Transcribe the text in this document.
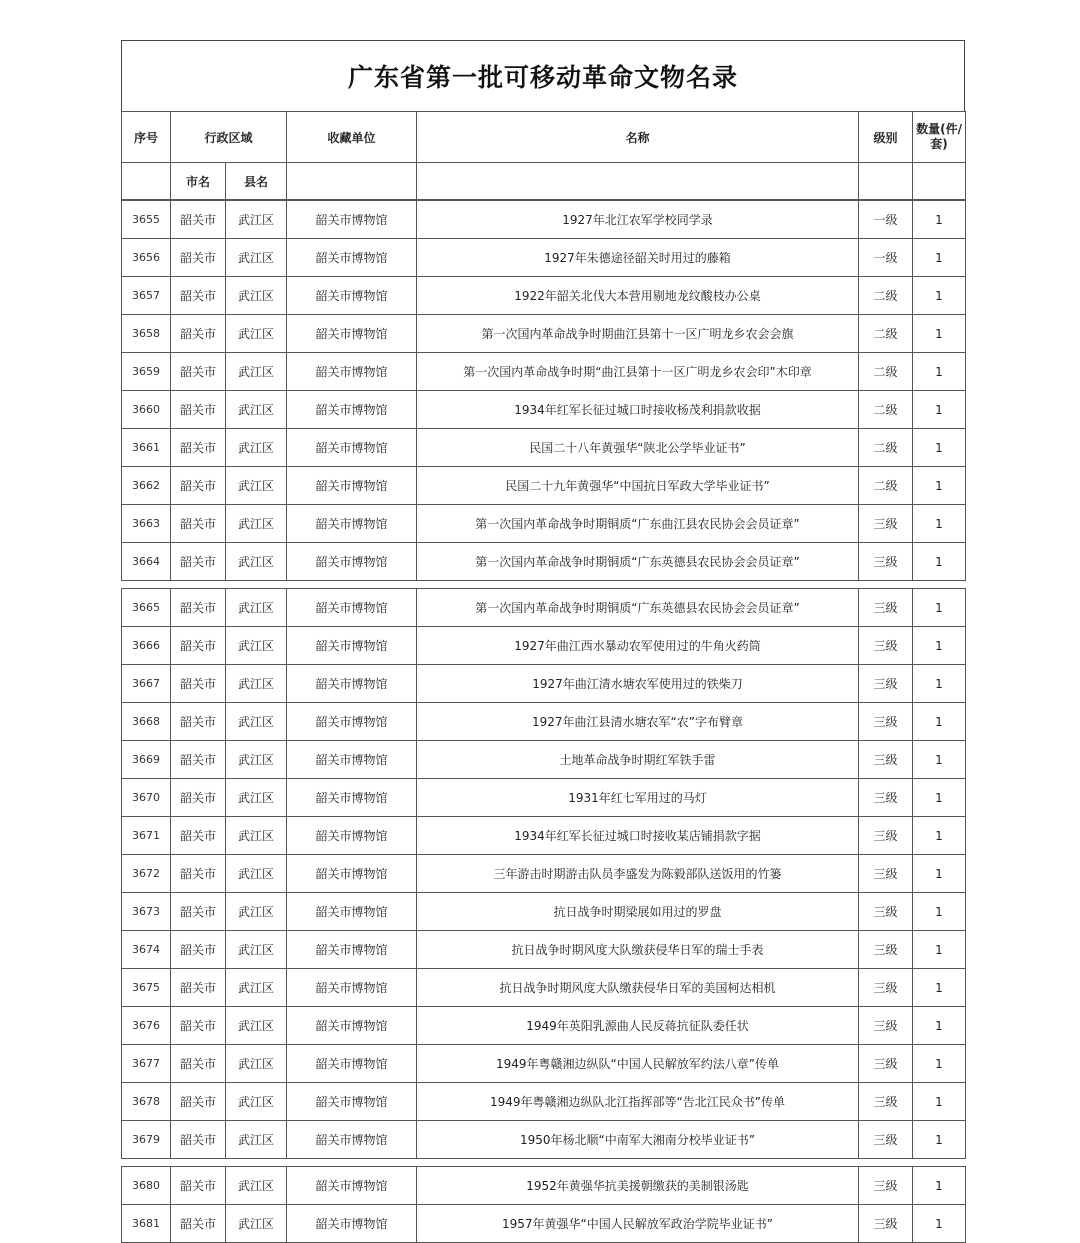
广东省第一批可移动革命文物名录
序号	行政区域		收藏单位	名称	级别	数量(件/套)
	市名	县名				
3655	韶关市	武江区	韶关市博物馆	1927年北江农军学校同学录	一级	1
3656	韶关市	武江区	韶关市博物馆	1927年朱德途径韶关时用过的藤箱	一级	1
3657	韶关市	武江区	韶关市博物馆	1922年韶关北伐大本营用剔地龙纹酸枝办公桌	二级	1
3658	韶关市	武江区	韶关市博物馆	第一次国内革命战争时期曲江县第十一区广明龙乡农会会旗	二级	1
3659	韶关市	武江区	韶关市博物馆	第一次国内革命战争时期“曲江县第十一区广明龙乡农会印”木印章	二级	1
3660	韶关市	武江区	韶关市博物馆	1934年红军长征过城口时接收杨茂利捐款收据	二级	1
3661	韶关市	武江区	韶关市博物馆	民国二十八年黄强华“陕北公学毕业证书”	二级	1
3662	韶关市	武江区	韶关市博物馆	民国二十九年黄强华“中国抗日军政大学毕业证书”	二级	1
3663	韶关市	武江区	韶关市博物馆	第一次国内革命战争时期铜质“广东曲江县农民协会会员证章”	三级	1
3664	韶关市	武江区	韶关市博物馆	第一次国内革命战争时期铜质“广东英德县农民协会会员证章”	三级	1
3665	韶关市	武江区	韶关市博物馆	第一次国内革命战争时期铜质“广东英德县农民协会会员证章”	三级	1
3666	韶关市	武江区	韶关市博物馆	1927年曲江西水暴动农军使用过的牛角火药筒	三级	1
3667	韶关市	武江区	韶关市博物馆	1927年曲江清水塘农军使用过的铁柴刀	三级	1
3668	韶关市	武江区	韶关市博物馆	1927年曲江县清水塘农军“农”字布臂章	三级	1
3669	韶关市	武江区	韶关市博物馆	土地革命战争时期红军铁手雷	三级	1
3670	韶关市	武江区	韶关市博物馆	1931年红七军用过的马灯	三级	1
3671	韶关市	武江区	韶关市博物馆	1934年红军长征过城口时接收某店铺捐款字据	三级	1
3672	韶关市	武江区	韶关市博物馆	三年游击时期游击队员李盛发为陈毅部队送饭用的竹篓	三级	1
3673	韶关市	武江区	韶关市博物馆	抗日战争时期梁展如用过的罗盘	三级	1
3674	韶关市	武江区	韶关市博物馆	抗日战争时期风度大队缴获侵华日军的瑞士手表	三级	1
3675	韶关市	武江区	韶关市博物馆	抗日战争时期风度大队缴获侵华日军的美国柯达相机	三级	1
3676	韶关市	武江区	韶关市博物馆	1949年英阳乳源曲人民反蒋抗征队委任状	三级	1
3677	韶关市	武江区	韶关市博物馆	1949年粤赣湘边纵队“中国人民解放军约法八章”传单	三级	1
3678	韶关市	武江区	韶关市博物馆	1949年粤赣湘边纵队北江指挥部等“告北江民众书”传单	三级	1
3679	韶关市	武江区	韶关市博物馆	1950年杨北顺“中南军大湘南分校毕业证书”	三级	1
3680	韶关市	武江区	韶关市博物馆	1952年黄强华抗美援朝缴获的美制银汤匙	三级	1
3681	韶关市	武江区	韶关市博物馆	1957年黄强华“中国人民解放军政治学院毕业证书”	三级	1
